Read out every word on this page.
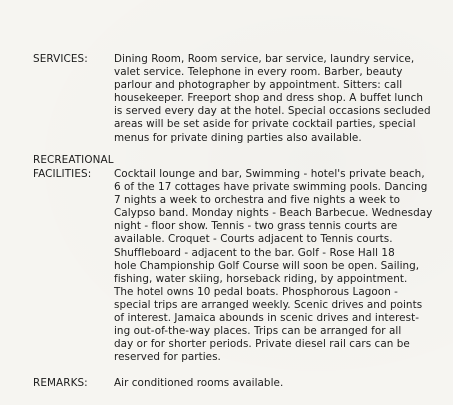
SERVICES:	Dining Room, Room service, bar service, laundry service,
valet service. Telephone in every room. Barber, beauty
parlour and photographer by appointment. Sitters: call
housekeeper. Freeport shop and dress shop. A buffet lunch
is served every day at the hotel. Special occasions secluded
areas will be set aside for private cocktail parties, special
menus for private dining parties also available.
RECREATIONAL
FACILITIES: Cocktail lounge and bar, Swimming - hotel's private beach,
6 of the 17 cottages have private swimming pools. Dancing
7 nights a week to orchestra and five nights a week to
Calypso band. Monday nights - Beach Barbecue. Wednesday
night - floor show. Tennis - two grass tennis courts are
available. Croquet - Courts adjacent to Tennis courts.
Shuffleboard - adjacent to the bar. Golf - Rose Hall 18
hole Championship Golf Course will soon be open. Sailing,
fishing, water skiing, horseback riding, by appointment.
The hotel owns 10 pedal boats. Phosphorous Lagoon -
special trips are arranged weekly. Scenic drives and points
of interest. Jamaica abounds in scenic drives and interest-
ing out-of-the-way places. Trips can be arranged for all
day or for shorter periods. Private diesel rail cars can be
reserved for parties.
REMARKS:	Air conditioned rooms available.
